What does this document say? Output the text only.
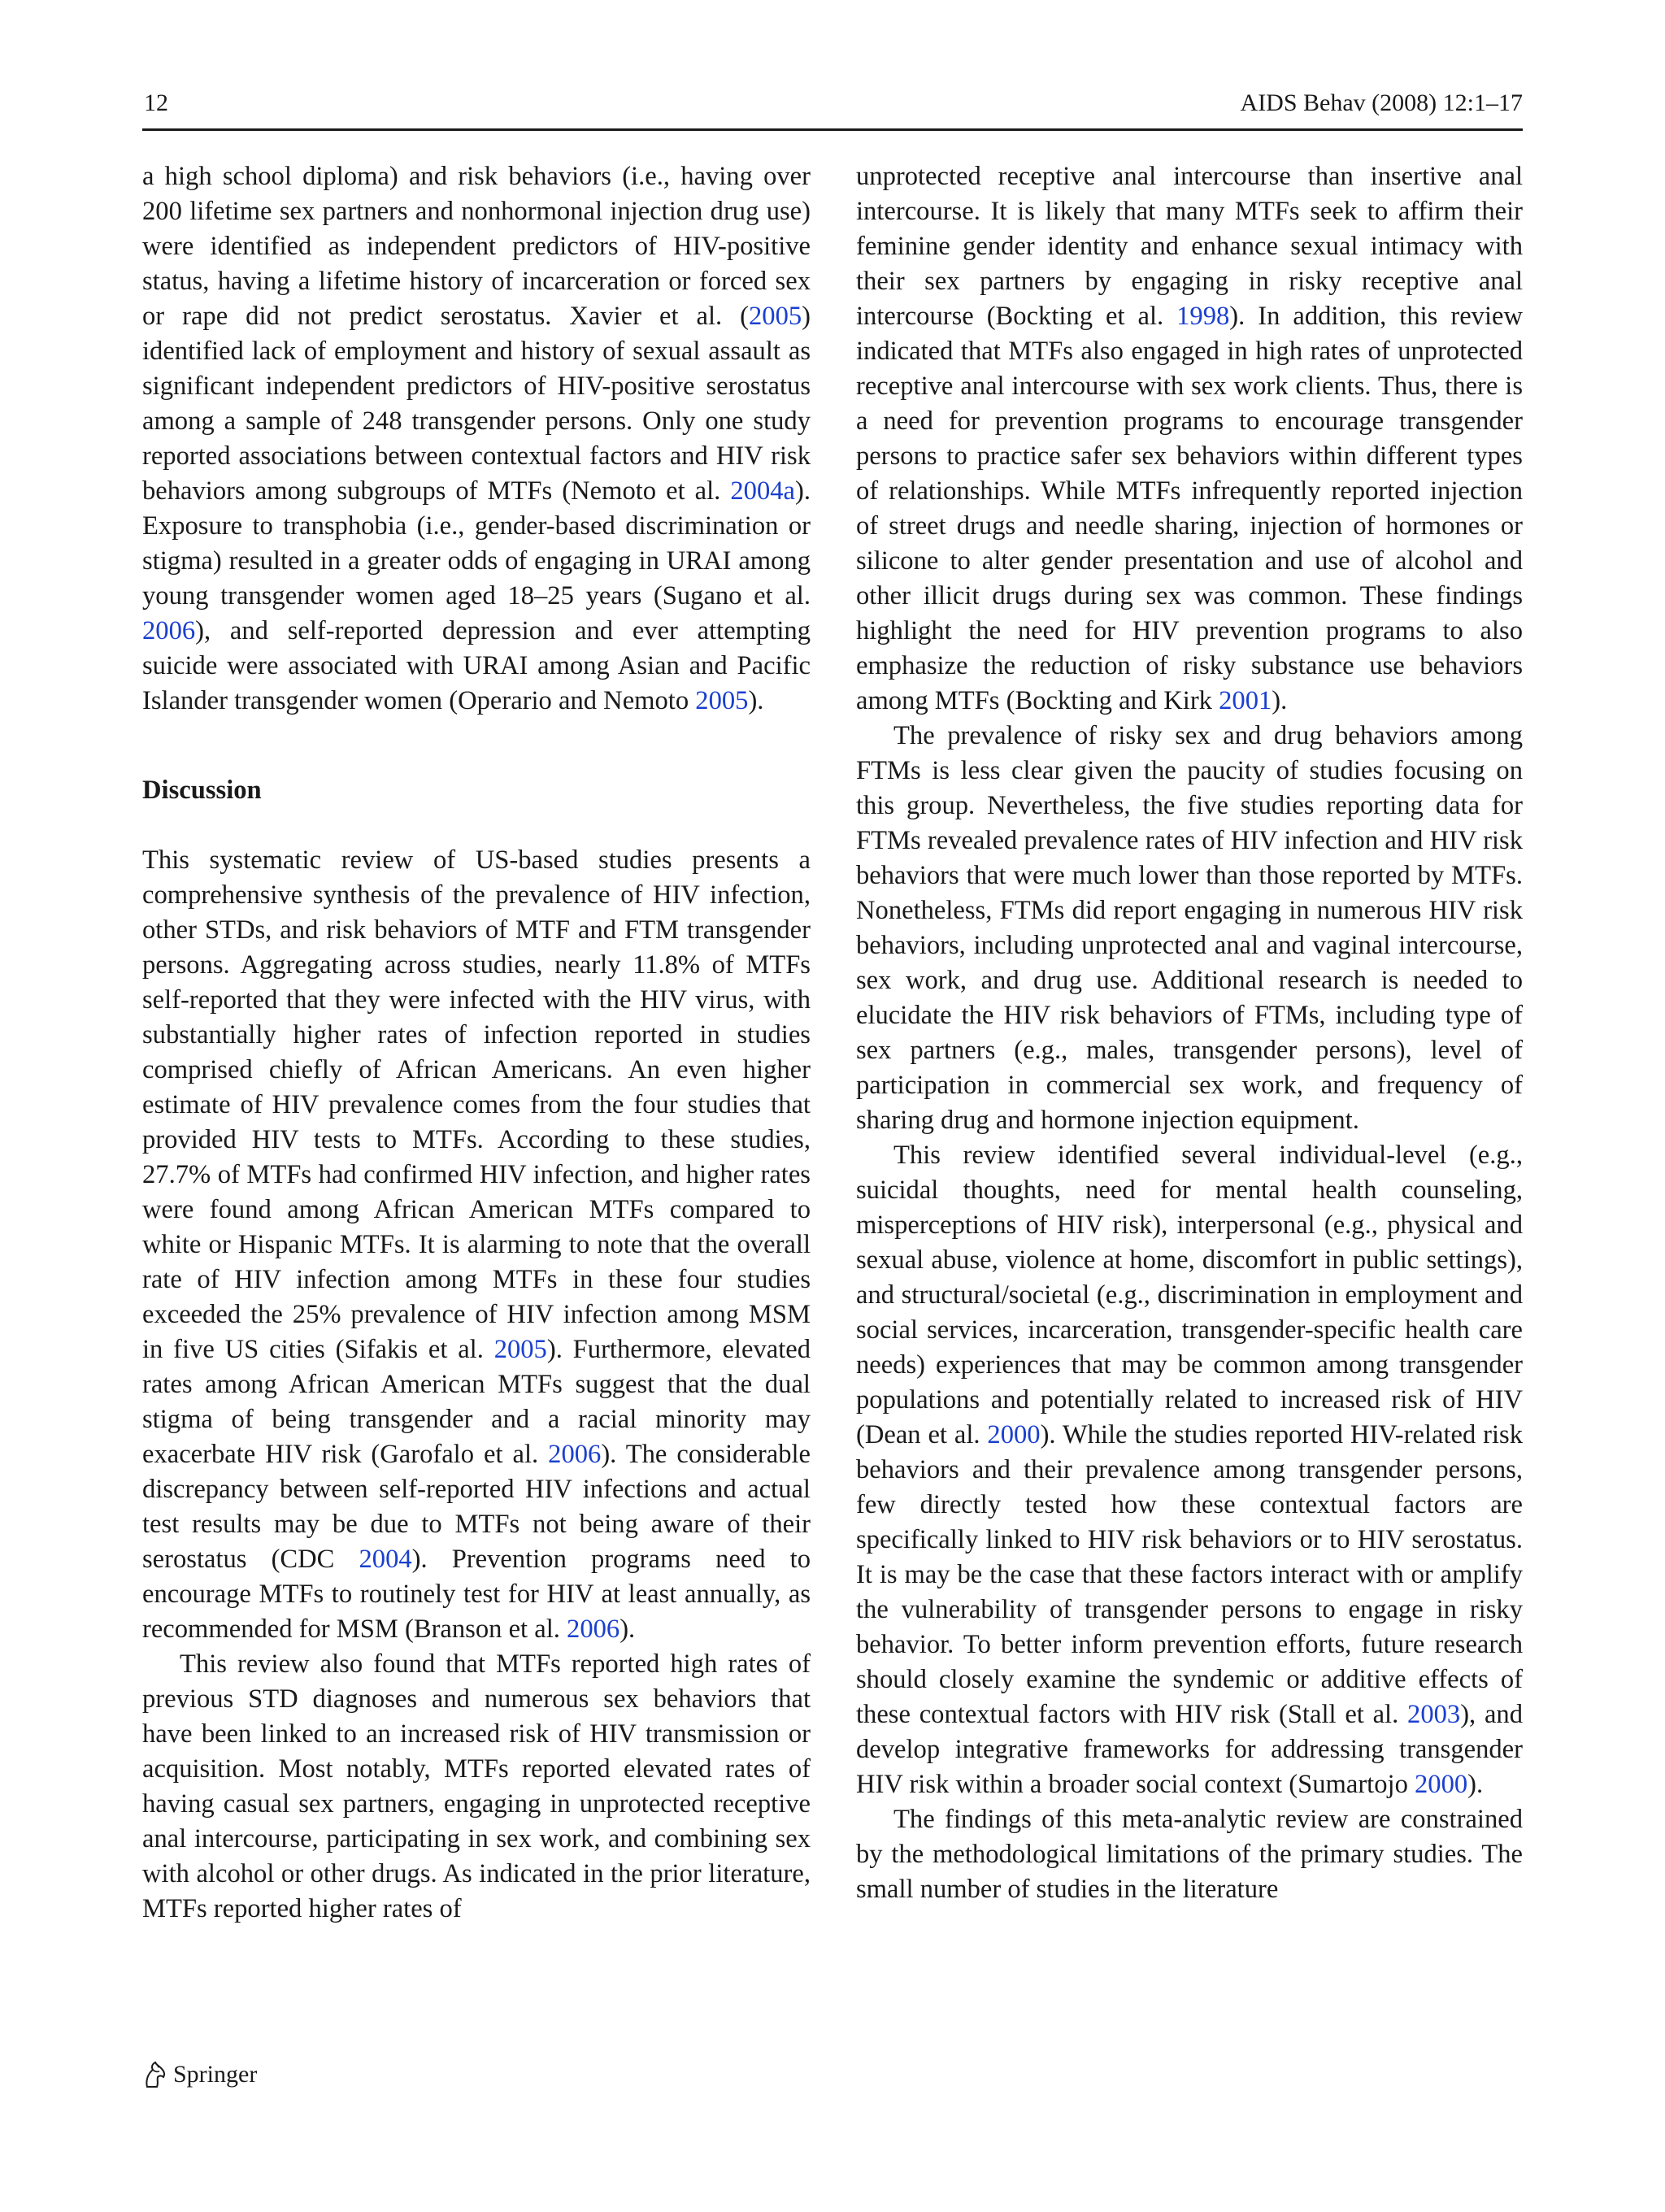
12	AIDS Behav (2008) 12:1–17

a high school diploma) and risk behaviors (i.e., having over 200 lifetime sex partners and nonhormonal injection drug use) were identified as independent predictors of HIV-positive status, having a lifetime history of incarceration or forced sex or rape did not predict serostatus. Xavier et al. (2005) identified lack of employment and history of sexual assault as significant independent predictors of HIV-positive serostatus among a sample of 248 transgender persons. Only one study reported associations between contextual factors and HIV risk behaviors among subgroups of MTFs (Nemoto et al. 2004a). Exposure to transphobia (i.e., gender-based discrimination or stigma) resulted in a greater odds of engaging in URAI among young transgender women aged 18–25 years (Sugano et al. 2006), and self-reported depression and ever attempting suicide were associated with URAI among Asian and Pacific Islander transgender women (Operario and Nemoto 2005).

Discussion

This systematic review of US-based studies presents a comprehensive synthesis of the prevalence of HIV infection, other STDs, and risk behaviors of MTF and FTM transgender persons. Aggregating across studies, nearly 11.8% of MTFs self-reported that they were infected with the HIV virus, with substantially higher rates of infection reported in studies comprised chiefly of African Americans. An even higher estimate of HIV prevalence comes from the four studies that provided HIV tests to MTFs. According to these studies, 27.7% of MTFs had confirmed HIV infection, and higher rates were found among African American MTFs compared to white or Hispanic MTFs. It is alarming to note that the overall rate of HIV infection among MTFs in these four studies exceeded the 25% prevalence of HIV infection among MSM in five US cities (Sifakis et al. 2005). Furthermore, elevated rates among African American MTFs suggest that the dual stigma of being transgender and a racial minority may exacerbate HIV risk (Garofalo et al. 2006). The considerable discrepancy between self-reported HIV infections and actual test results may be due to MTFs not being aware of their serostatus (CDC 2004). Prevention programs need to encourage MTFs to routinely test for HIV at least annually, as recommended for MSM (Branson et al. 2006).

This review also found that MTFs reported high rates of previous STD diagnoses and numerous sex behaviors that have been linked to an increased risk of HIV transmission or acquisition. Most notably, MTFs reported elevated rates of having casual sex partners, engaging in unprotected receptive anal intercourse, participating in sex work, and combining sex with alcohol or other drugs. As indicated in the prior literature, MTFs reported higher rates of

unprotected receptive anal intercourse than insertive anal intercourse. It is likely that many MTFs seek to affirm their feminine gender identity and enhance sexual intimacy with their sex partners by engaging in risky receptive anal intercourse (Bockting et al. 1998). In addition, this review indicated that MTFs also engaged in high rates of unprotected receptive anal intercourse with sex work clients. Thus, there is a need for prevention programs to encourage transgender persons to practice safer sex behaviors within different types of relationships. While MTFs infrequently reported injection of street drugs and needle sharing, injection of hormones or silicone to alter gender presentation and use of alcohol and other illicit drugs during sex was common. These findings highlight the need for HIV prevention programs to also emphasize the reduction of risky substance use behaviors among MTFs (Bockting and Kirk 2001).

The prevalence of risky sex and drug behaviors among FTMs is less clear given the paucity of studies focusing on this group. Nevertheless, the five studies reporting data for FTMs revealed prevalence rates of HIV infection and HIV risk behaviors that were much lower than those reported by MTFs. Nonetheless, FTMs did report engaging in numerous HIV risk behaviors, including unprotected anal and vaginal intercourse, sex work, and drug use. Additional research is needed to elucidate the HIV risk behaviors of FTMs, including type of sex partners (e.g., males, transgender persons), level of participation in commercial sex work, and frequency of sharing drug and hormone injection equipment.

This review identified several individual-level (e.g., suicidal thoughts, need for mental health counseling, misperceptions of HIV risk), interpersonal (e.g., physical and sexual abuse, violence at home, discomfort in public settings), and structural/societal (e.g., discrimination in employment and social services, incarceration, transgender-specific health care needs) experiences that may be common among transgender populations and potentially related to increased risk of HIV (Dean et al. 2000). While the studies reported HIV-related risk behaviors and their prevalence among transgender persons, few directly tested how these contextual factors are specifically linked to HIV risk behaviors or to HIV serostatus. It is may be the case that these factors interact with or amplify the vulnerability of transgender persons to engage in risky behavior. To better inform prevention efforts, future research should closely examine the syndemic or additive effects of these contextual factors with HIV risk (Stall et al. 2003), and develop integrative frameworks for addressing transgender HIV risk within a broader social context (Sumartojo 2000).

The findings of this meta-analytic review are constrained by the methodological limitations of the primary studies. The small number of studies in the literature

Springer
